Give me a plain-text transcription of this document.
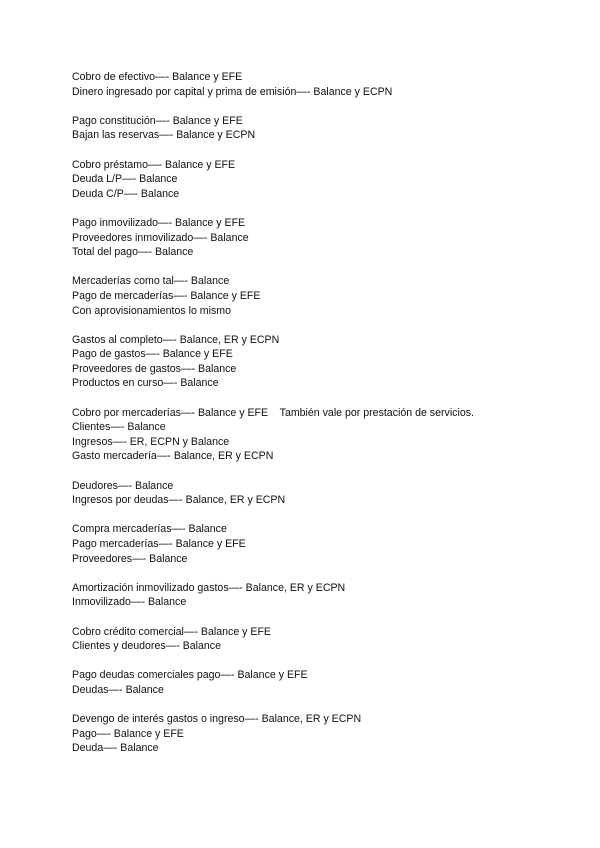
Cobro de efectivo—- Balance y EFE
Dinero ingresado por capital y prima de emisión—- Balance y ECPN
Pago constitución—- Balance y EFE
Bajan las reservas—- Balance y ECPN
Cobro préstamo—- Balance y EFE
Deuda L/P—- Balance
Deuda C/P—- Balance
Pago inmovilizado—- Balance y EFE
Proveedores inmovilizado—- Balance
Total del pago—- Balance
Mercaderías como tal—- Balance
Pago de mercaderías—- Balance y EFE
Con aprovisionamientos lo mismo
Gastos al completo—- Balance, ER y ECPN
Pago de gastos—- Balance y EFE
Proveedores de gastos—- Balance
Productos en curso—- Balance
Cobro por mercaderías—- Balance y EFE    También vale por prestación de servicios.
Clientes—- Balance
Ingresos—- ER, ECPN y Balance
Gasto mercadería—- Balance, ER y ECPN
Deudores—- Balance
Ingresos por deudas—- Balance, ER y ECPN
Compra mercaderías—- Balance
Pago mercaderías—- Balance y EFE
Proveedores—- Balance
Amortización inmovilizado gastos—- Balance, ER y ECPN
Inmovilizado—- Balance
Cobro crédito comercial—- Balance y EFE
Clientes y deudores—- Balance
Pago deudas comerciales pago—- Balance y EFE
Deudas—- Balance
Devengo de interés gastos o ingreso—- Balance, ER y ECPN
Pago—- Balance y EFE
Deuda—- Balance
